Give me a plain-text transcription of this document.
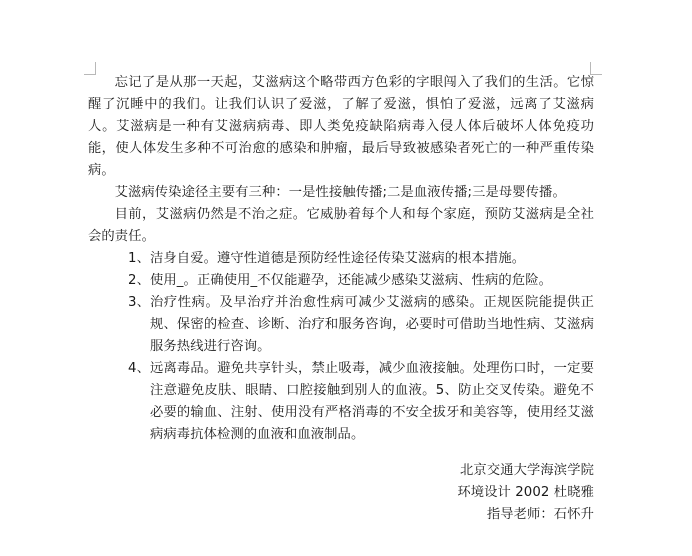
忘记了是从那一天起，艾滋病这个略带西方色彩的字眼闯入了我们的生活。它惊醒了沉睡中的我们。让我们认识了爱滋，了解了爱滋，惧怕了爱滋，远离了艾滋病人。艾滋病是一种有艾滋病病毒、即人类免疫缺陷病毒入侵人体后破坏人体免疫功能，使人体发生多种不可治愈的感染和肿瘤，最后导致被感染者死亡的一种严重传染病。

艾滋病传染途径主要有三种：一是性接触传播;二是血液传播;三是母婴传播。

目前，艾滋病仍然是不治之症。它威胁着每个人和每个家庭，预防艾滋病是全社会的责任。

1、 洁身自爱。遵守性道德是预防经性途径传染艾滋病的根本措施。
2、 使用_。正确使用_不仅能避孕，还能减少感染艾滋病、性病的危险。
3、 治疗性病。及早治疗并治愈性病可减少艾滋病的感染。正规医院能提供正规、保密的检查、诊断、治疗和服务咨询，必要时可借助当地性病、艾滋病服务热线进行咨询。
4、 远离毒品。避免共享针头，禁止吸毒，减少血液接触。处理伤口时，一定要注意避免皮肤、眼睛、口腔接触到别人的血液。5、防止交叉传染。避免不必要的输血、注射、使用没有严格消毒的不安全拔牙和美容等，使用经艾滋病病毒抗体检测的血液和血液制品。
北京交通大学海滨学院
环境设计 2002 杜晓雅
指导老师：石怀升
